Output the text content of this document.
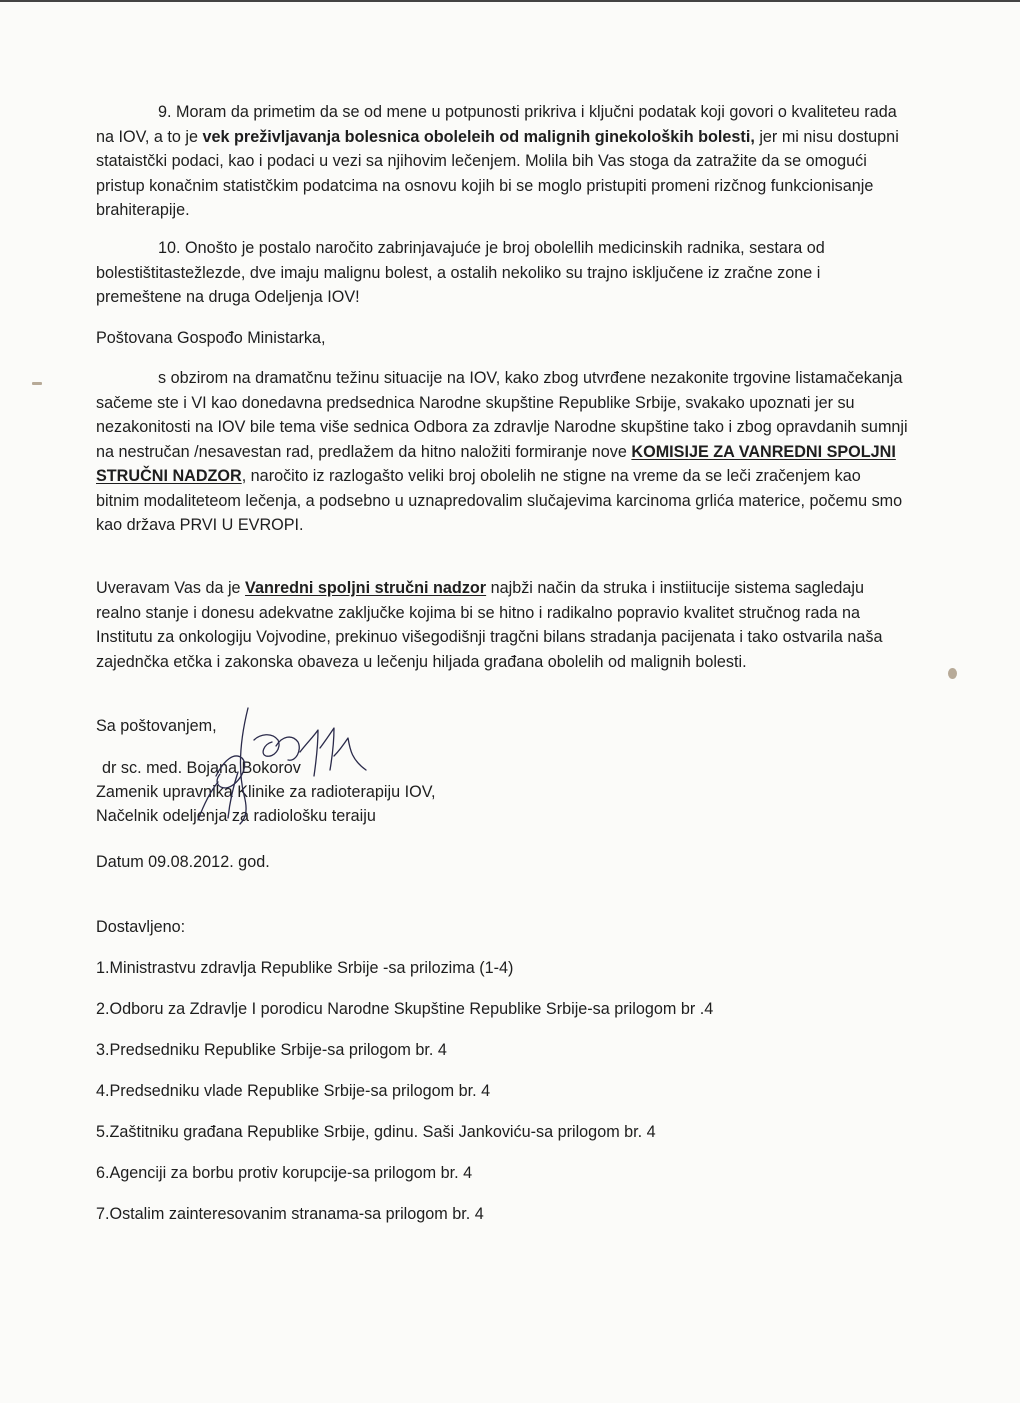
9. Moram da primetim da se od mene u potpunosti prikriva i ključni podatak koji govori o kvaliteteu rada na IOV, a to je vek preživljavanja bolesnica oboleleih od malignih ginekoloških bolesti, jer mi nisu dostupni stataistčki podaci, kao i podaci u vezi sa njihovim lečenjem. Molila bih Vas stoga da zatražite da se omogući pristup konačnim statistčkim podatcima na osnovu kojih bi se moglo pristupiti promeni rizčnog funkcionisanje brahiterapije.

10. Onošto je postalo naročito zabrinjavajuće je broj obolellih medicinskih radnika, sestara od bolestištitastežlezde, dve imaju malignu bolest, a ostalih nekoliko su trajno isključene iz zračne zone i premeštene na druga Odeljenja IOV!

Poštovana Gospođo Ministarka,

s obzirom na dramatčnu težinu situacije na IOV, kako zbog utvrđene nezakonite trgovine listamačekanja sačeme ste i VI kao donedavna predsednica Narodne skupštine Republike Srbije, svakako upoznati jer su nezakonitosti na IOV bile tema više sednica Odbora za zdravlje Narodne skupštine tako i zbog opravdanih sumnji na nestručan /nesavestan rad, predlažem da hitno naložiti formiranje nove KOMISIJE ZA VANREDNI SPOLJNI STRUČNI NADZOR, naročito iz razlogašto veliki broj obolelih ne stigne na vreme da se leči zračenjem kao bitnim modaliteteom lečenja, a podsebno u uznapredovalim slučajevima karcinoma grlića materice, počemu smo kao država PRVI U EVROPI.

Uveravam Vas da je Vanredni spoljni stručni nadzor najbži način da struka i instiitucije sistema sagledaju realno stanje i donesu adekvatne zaključke kojima bi se hitno i radikalno popravio kvalitet stručnog rada na Institutu za onkologiju Vojvodine, prekinuo višegodišnji tragčni bilans stradanja pacijenata i tako ostvarila naša zajednčka etčka i zakonska obaveza u lečenju hiljada građana obolelih od malignih bolesti.

Sa poštovanjem,

dr sc. med. Bojana Bokorov

Zamenik upravnika Klinike za radioterapiju IOV,

Načelnik odeljenja za radiološku teraiju

Datum 09.08.2012. god.

Dostavljeno:

1.Ministrastvu zdravlja Republike Srbije -sa prilozima (1-4)

2.Odboru za Zdravlje I porodicu Narodne Skupštine Republike Srbije-sa prilogom br .4

3.Predsedniku Republike Srbije-sa prilogom br. 4

4.Predsedniku vlade Republike Srbije-sa prilogom br. 4

5.Zaštitniku građana Republike Srbije, gdinu. Saši Jankoviću-sa prilogom br. 4

6.Agenciji za borbu protiv korupcije-sa prilogom br. 4

7.Ostalim zainteresovanim stranama-sa prilogom br. 4
